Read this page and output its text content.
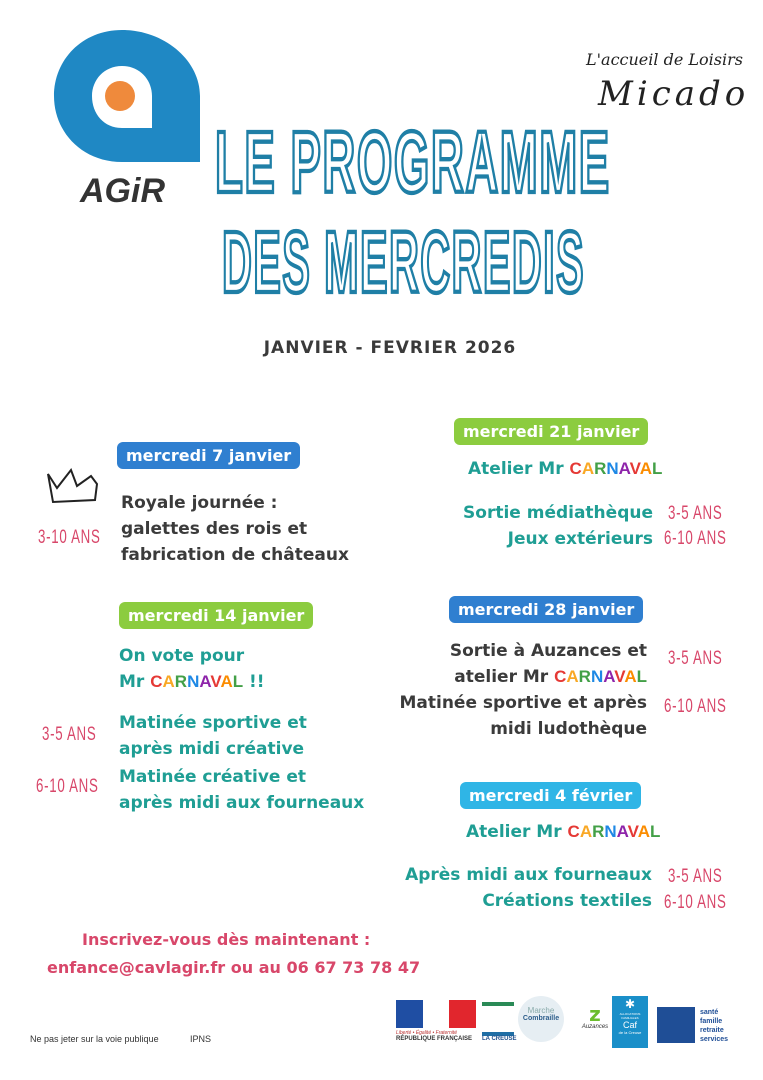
AGiR
L'accueil de Loisirs
Micado
LE PROGRAMME
DES MERCREDIS
JANVIER - FEVRIER 2026
mercredi 7 janvier
Royale journée :
galettes des rois et
fabrication de châteaux
3-10 ANS
mercredi 14 janvier
On vote pour
Mr CARNAVAL !!
Matinée sportive et
après midi créative
3-5 ANS
Matinée créative et
après midi aux fourneaux
6-10 ANS
mercredi 21 janvier
Atelier Mr CARNAVAL
Sortie médiathèque 3-5 ANS
Jeux extérieurs 6-10 ANS
mercredi 28 janvier
Sortie à Auzances et
atelier Mr CARNAVAL
3-5 ANS
Matinée sportive et après
midi ludothèque
6-10 ANS
mercredi 4 février
Atelier Mr CARNAVAL
Après midi aux fourneaux 3-5 ANS
Créations textiles 6-10 ANS
Inscrivez-vous dès maintenant :
enfance@cavlagir.fr ou au 06 67 73 78 47
Ne pas jeter sur la voie publique	IPNS
Liberté • Égalité • Fraternité
RÉPUBLIQUE FRANÇAISE	LA CREUSE
Marche
Combraille	z
Auzances
✱
ALLOCATIONS FAMILIALES
Caf
de la Creuse
santé
famille
retraite
services
